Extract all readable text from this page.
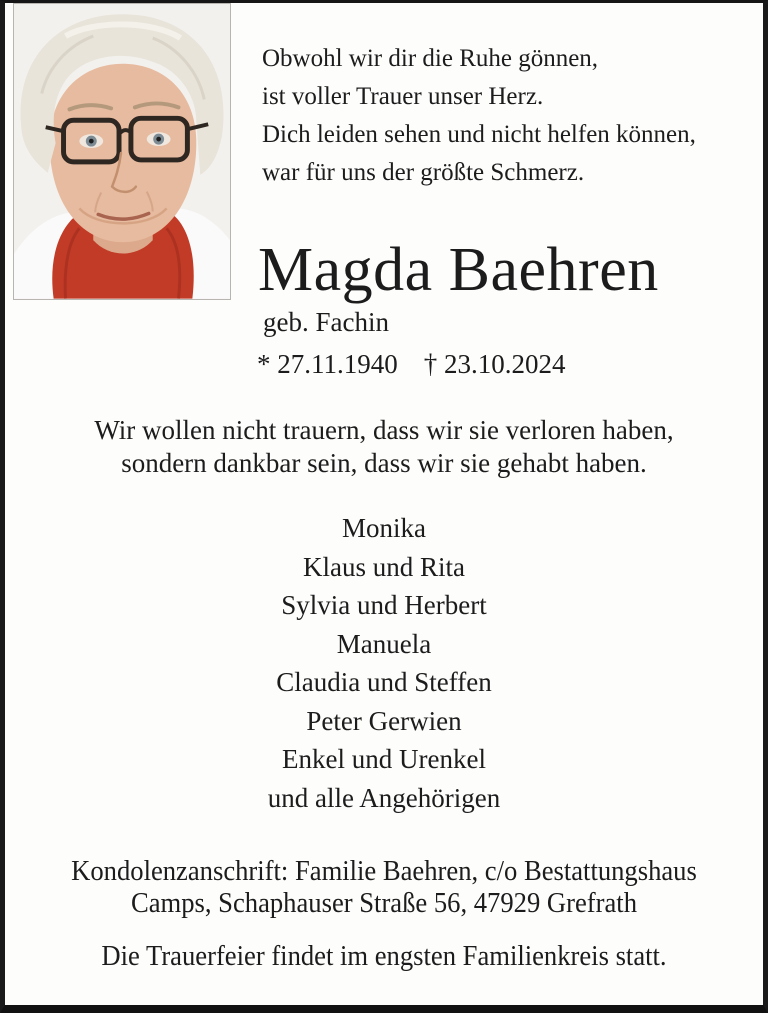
Obwohl wir dir die Ruhe gönnen,
ist voller Trauer unser Herz.
Dich leiden sehen und nicht helfen können,
war für uns der größte Schmerz.
Magda Baehren
geb. Fachin
* 27.11.1940 † 23.10.2024
Wir wollen nicht trauern, dass wir sie verloren haben,
sondern dankbar sein, dass wir sie gehabt haben.
Monika
Klaus und Rita
Sylvia und Herbert
Manuela
Claudia und Steffen
Peter Gerwien
Enkel und Urenkel
und alle Angehörigen
Kondolenzanschrift: Familie Baehren, c/o Bestattungshaus
Camps, Schaphauser Straße 56, 47929 Grefrath
Die Trauerfeier findet im engsten Familienkreis statt.
